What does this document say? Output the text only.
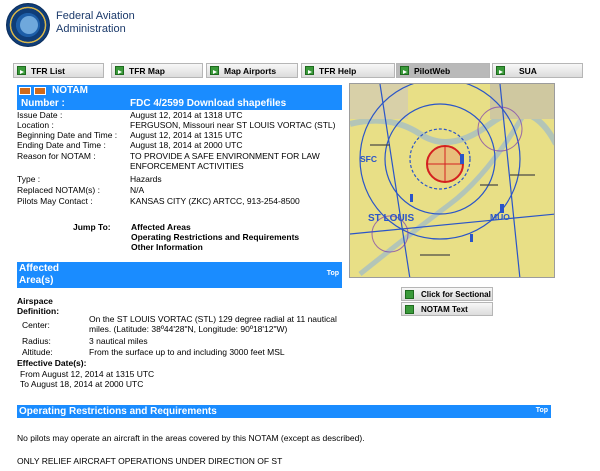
Federal Aviation
Administration
TFR List	TFR Map	Map Airports	TFR Help	PilotWeb	SUA
NOTAM
Number :	FDC 4/2599 Download shapefiles
Issue Date :	August 12, 2014 at 1318 UTC
Location :	FERGUSON, Missouri near ST LOUIS VORTAC (STL)
Beginning Date and Time :	August 12, 2014 at 1315 UTC
Ending Date and Time :	August 18, 2014 at 2000 UTC
Reason for NOTAM :	TO PROVIDE A SAFE ENVIRONMENT FOR LAW ENFORCEMENT ACTIVITIES
Type :	Hazards
Replaced NOTAM(s) :	N/A
Pilots May Contact :	KANSAS CITY (ZKC) ARTCC, 913-254-8500
Jump To: Affected Areas
Operating Restrictions and Requirements
Other Information
SFC
ST LOUIS	MUO
Click for Sectional
NOTAM Text
Affected
Area(s)
Top
Airspace
Definition:
Center:
On the ST LOUIS VORTAC (STL) 129 degree radial at 11 nautical miles. (Latitude: 38º44'28"N, Longitude: 90º18'12"W)
Radius:	3 nautical miles
Altitude:	From the surface up to and including 3000 feet MSL
Effective Date(s):
From August 12, 2014 at 1315 UTC
To August 18, 2014 at 2000 UTC
Operating Restrictions and Requirements	Top
No pilots may operate an aircraft in the areas covered by this NOTAM (except as described).
ONLY RELIEF AIRCRAFT OPERATIONS UNDER DIRECTION OF ST
